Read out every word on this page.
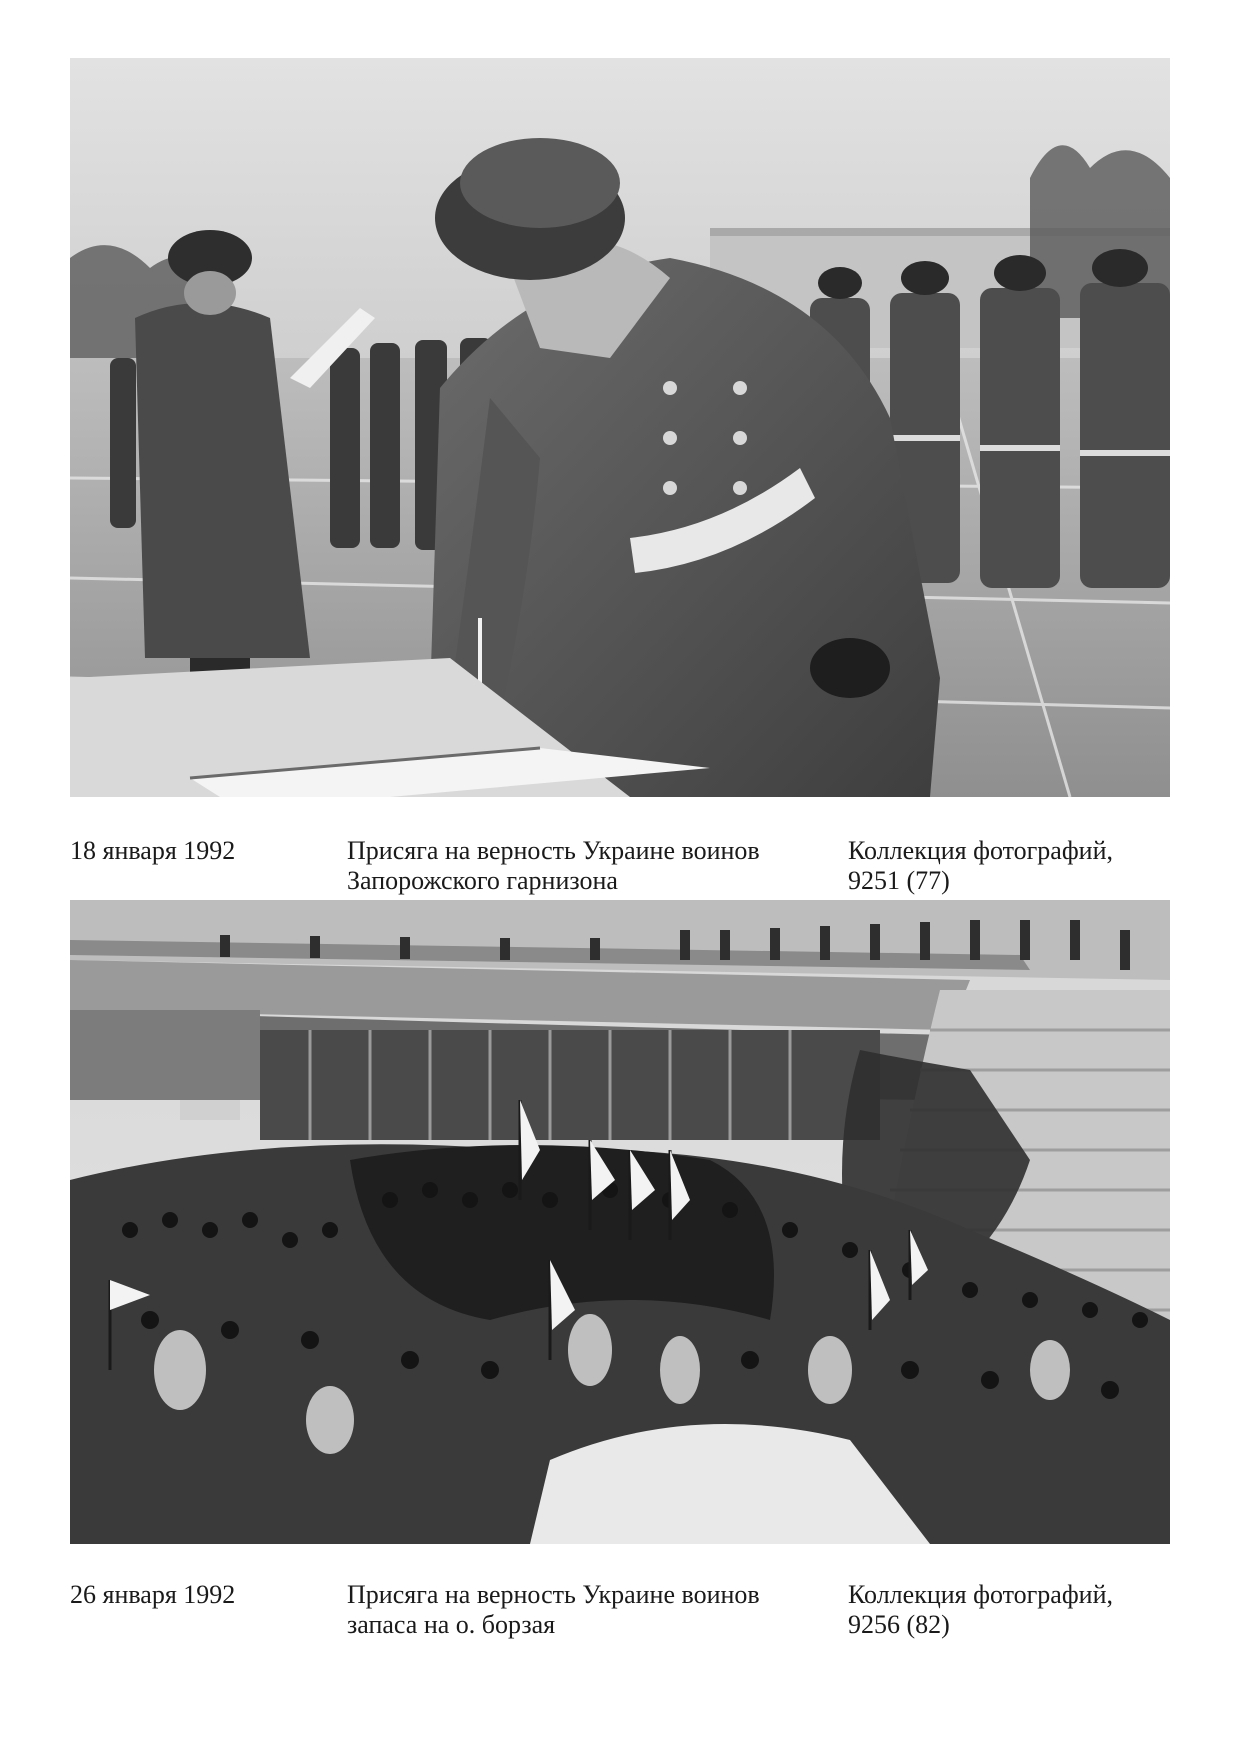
18 января 1992	Присяга на верность Украине воинов
Запорожского гарнизона
Коллекция фотографий,
9251 (77)
26 января 1992	Присяга на верность Украине воинов
запаса на о. борзая
Коллекция фотографий,
9256 (82)
